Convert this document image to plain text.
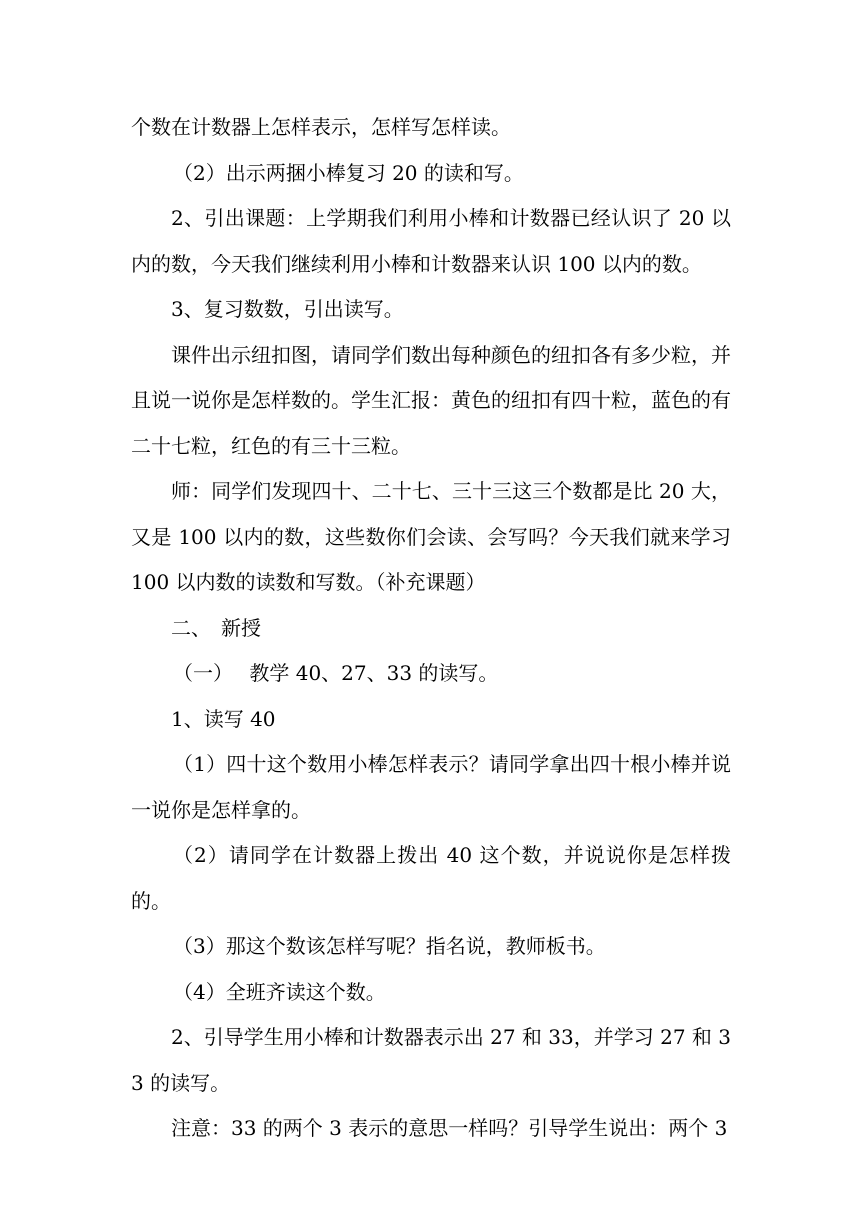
个数在计数器上怎样表示，怎样写怎样读。

（2）出示两捆小棒复习 20 的读和写。

2、引出课题：上学期我们利用小棒和计数器已经认识了 20 以内的数，今天我们继续利用小棒和计数器来认识 100 以内的数。

3、复习数数，引出读写。

课件出示纽扣图，请同学们数出每种颜色的纽扣各有多少粒，并且说一说你是怎样数的。学生汇报：黄色的纽扣有四十粒，蓝色的有二十七粒，红色的有三十三粒。

师：同学们发现四十、二十七、三十三这三个数都是比 20 大，又是 100 以内的数，这些数你们会读、会写吗？今天我们就来学习 100 以内数的读数和写数。（补充课题）

二、　新授

（一）　 教学 40、27、33 的读写。

1、读写 40

（1）四十这个数用小棒怎样表示？请同学拿出四十根小棒并说一说你是怎样拿的。

（2）请同学在计数器上拨出 40 这个数，并说说你是怎样拨的。

（3）那这个数该怎样写呢？指名说，教师板书。

（4）全班齐读这个数。

2、引导学生用小棒和计数器表示出 27 和 33，并学习 27 和 33 的读写。

注意：33 的两个 3 表示的意思一样吗？引导学生说出：两个 3
